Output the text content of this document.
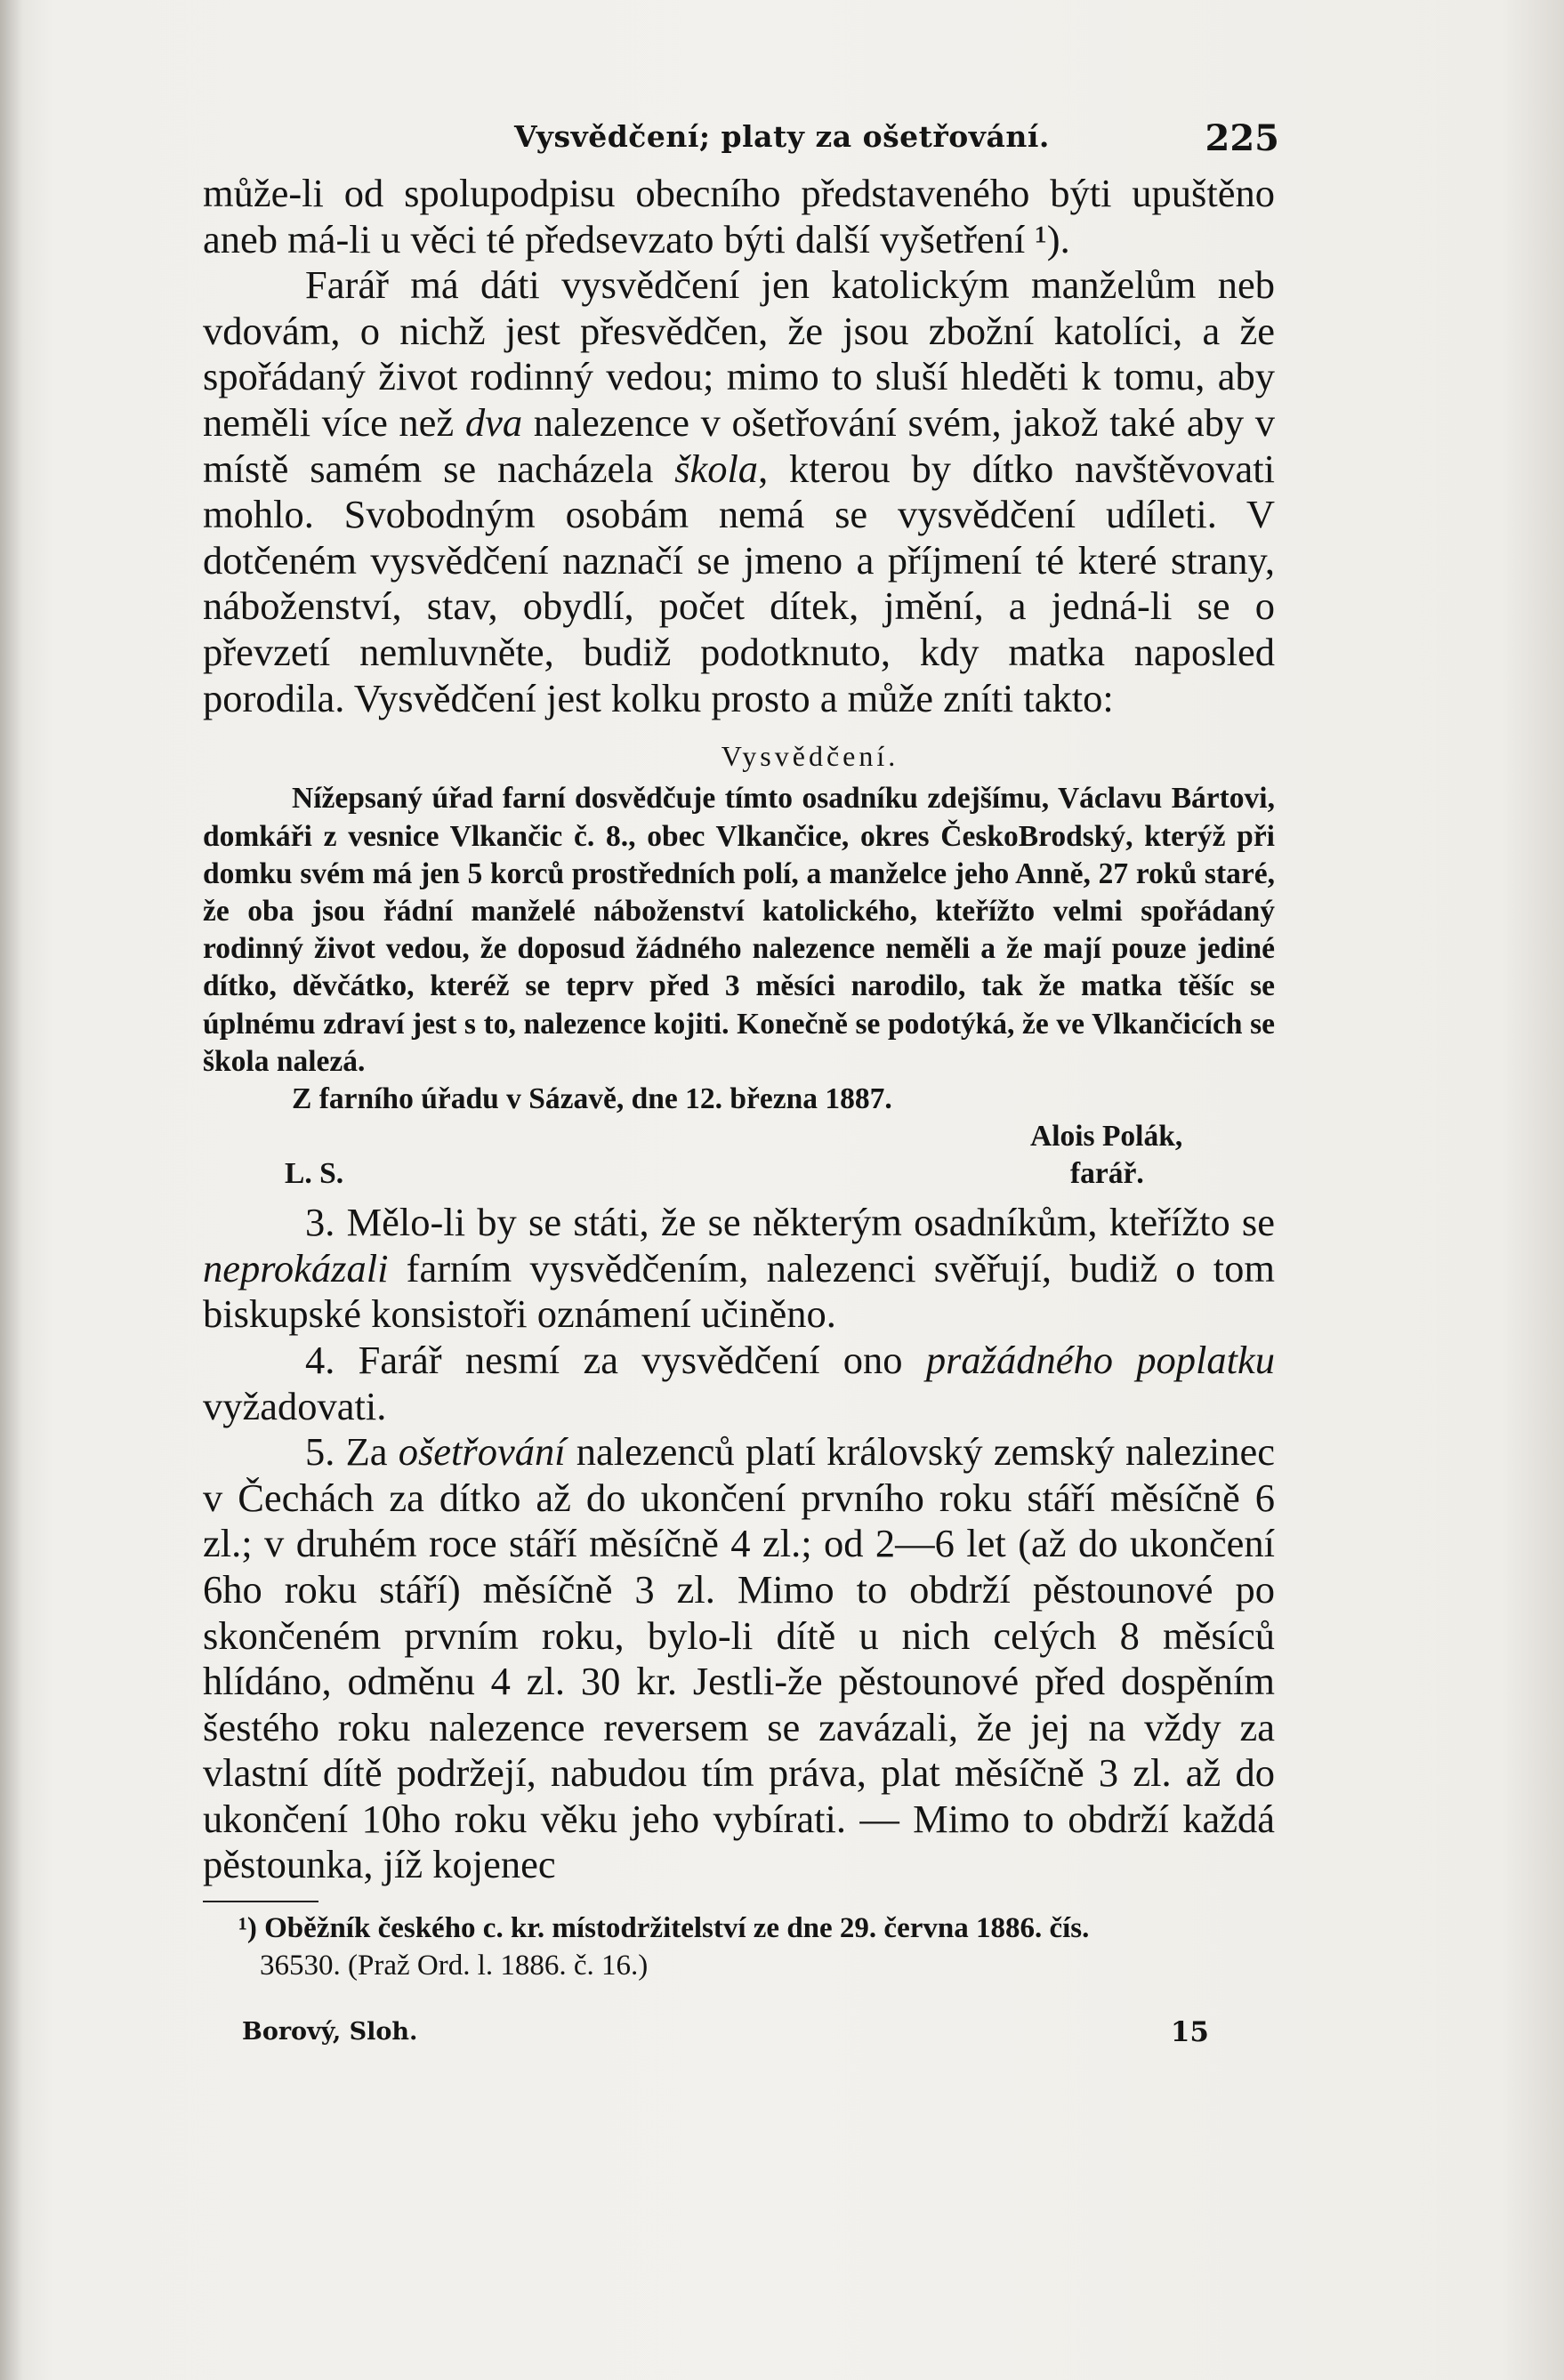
Vysvědčení; platy za ošetřování.	225

může-li od spolupodpisu obecního představeného býti upuštěno aneb má-li u věci té předsevzato býti další vyšetření ¹).

Farář má dáti vysvědčení jen katolickým manželům neb vdovám, o nichž jest přesvědčen, že jsou zbožní katolíci, a že spořádaný život rodinný vedou; mimo to sluší hleděti k tomu, aby neměli více než dva nalezence v ošetřování svém, jakož také aby v místě samém se nacházela škola, kterou by dítko navštěvovati mohlo. Svobodným osobám nemá se vysvědčení udíleti. V dotčeném vysvědčení naznačí se jmeno a příjmení té které strany, náboženství, stav, obydlí, počet dítek, jmění, a jedná-li se o převzetí nemluvněte, budiž podotknuto, kdy matka naposled porodila. Vysvědčení jest kolku prosto a může zníti takto:

Vysvědčení.

Nížepsaný úřad farní dosvědčuje tímto osadníku zdejšímu, Václavu Bártovi, domkáři z vesnice Vlkančic č. 8., obec Vlkančice, okres ČeskoBrodský, kterýž při domku svém má jen 5 korců prostředních polí, a manželce jeho Anně, 27 roků staré, že oba jsou řádní manželé náboženství katolického, kteřížto velmi spořádaný rodinný život vedou, že doposud žádného nalezence neměli a že mají pouze jediné dítko, děvčátko, kteréž se teprv před 3 měsíci narodilo, tak že matka těšíc se úplnému zdraví jest s to, nalezence kojiti. Konečně se podotýká, že ve Vlkančicích se škola nalezá.

Z farního úřadu v Sázavě, dne 12. března 1887.

Alois Polák,
L. S.	farář.

3. Mělo-li by se státi, že se některým osadníkům, kteřížto se neprokázali farním vysvědčením, nalezenci svěřují, budiž o tom biskupské konsistoři oznámení učiněno.

4. Farář nesmí za vysvědčení ono pražádného poplatku vyžadovati.

5. Za ošetřování nalezenců platí královský zemský nalezinec v Čechách za dítko až do ukončení prvního roku stáří měsíčně 6 zl.; v druhém roce stáří měsíčně 4 zl.; od 2—6 let (až do ukončení 6ho roku stáří) měsíčně 3 zl. Mimo to obdrží pěstounové po skončeném prvním roku, bylo-li dítě u nich celých 8 měsíců hlídáno, odměnu 4 zl. 30 kr. Jestli-že pěstounové před dospěním šestého roku nalezence reversem se zavázali, že jej na vždy za vlastní dítě podržejí, nabudou tím práva, plat měsíčně 3 zl. až do ukončení 10ho roku věku jeho vybírati. — Mimo to obdrží každá pěstounka, jíž kojenec

¹) Oběžník českého c. kr. místodržitelství ze dne 29. června 1886. čís.
36530. (Praž Ord. l. 1886. č. 16.)
Borový, Sloh.	15
